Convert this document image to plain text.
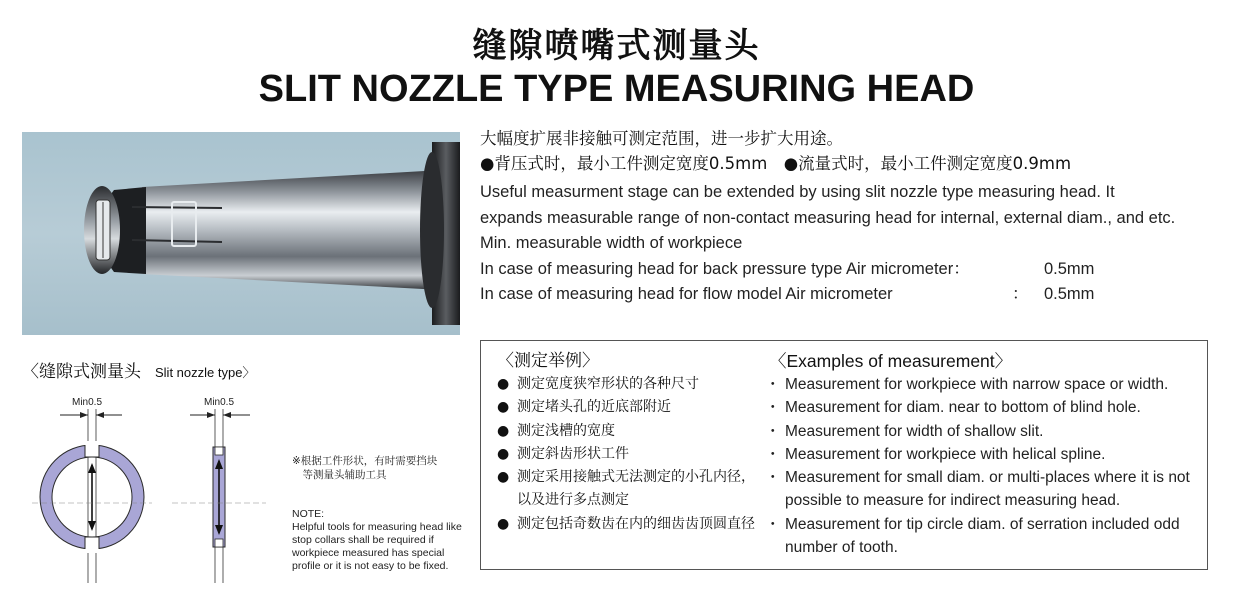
缝隙喷嘴式测量头
SLIT NOZZLE TYPE MEASURING HEAD
大幅度扩展非接触可测定范围，进一步扩大用途。
●背压式时，最小工件测定宽度0.5mm　●流量式时，最小工件测定宽度0.9mm
Useful measurment stage can be extended by using slit nozzle type measuring head. It
expands measurable range of non-contact measuring head for internal, external diam., and etc.
Min. measurable width of workpiece
In case of measuring head for back pressure type Air micrometer：	0.5mm
In case of measuring head for flow model Air micrometer	： 0.5mm
〈缝隙式测量头 Slit nozzle type〉
Min0.5	Min0.5
※根据工件形状，有时需要挡块
　等测量头辅助工具
NOTE:
Helpful tools for measuring head like stop collars shall be required if workpiece measured has special profile or it is not easy to be fixed.
〈测定举例〉
● 测定宽度狭窄形状的各种尺寸
● 测定堵头孔的近底部附近
● 测定浅槽的宽度
● 测定斜齿形状工件
● 测定采用接触式无法测定的小孔内径，以及进行多点测定
● 测定包括奇数齿在内的细齿齿顶圆直径
〈Examples of measurement〉
・ Measurement for workpiece with narrow space or width.
・ Measurement for diam. near to bottom of blind hole.
・ Measurement for width of shallow slit.
・ Measurement for workpiece with helical spline.
・ Measurement for small diam. or multi-places where it is not possible to measure for indirect measuring head.
・ Measurement for tip circle diam. of serration included odd number of tooth.
